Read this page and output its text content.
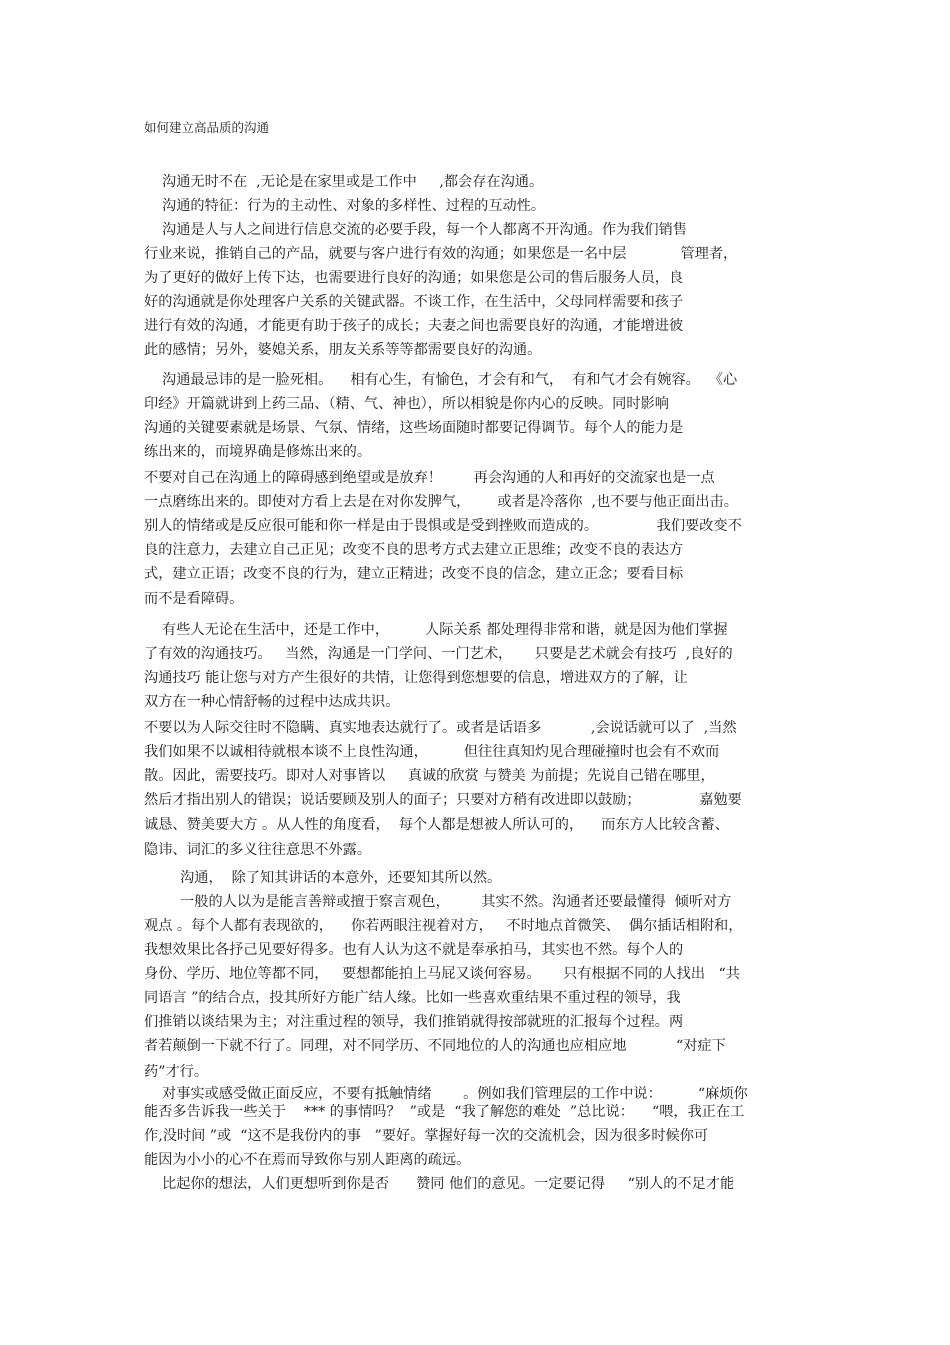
如何建立高品质的沟通
沟通无时不在  ,无论是在家里或是工作中     ,都会存在沟通。
沟通的特征：行为的主动性、对象的多样性、过程的互动性。
沟通是人与人之间进行信息交流的必要手段，每一个人都离不开沟通。作为我们销售
行业来说，推销自己的产品，就要与客户进行有效的沟通；如果您是一名中层            管理者，
为了更好的做好上传下达，也需要进行良好的沟通；如果您是公司的售后服务人员，良
好的沟通就是你处理客户关系的关键武器。不谈工作，在生活中，父母同样需要和孩子
进行有效的沟通，才能更有助于孩子的成长；夫妻之间也需要良好的沟通，才能增进彼
此的感情；另外，婆媳关系，朋友关系等等都需要良好的沟通。
沟通最忌讳的是一脸死相。    相有心生，有愉色，才会有和气，  有和气才会有婉容。  《心
印经》开篇就讲到上药三品、（精、气、神也），所以相貌是你内心的反映。同时影响
沟通的关键要素就是场景、气氛、情绪，这些场面随时都要记得调节。每个人的能力是
练出来的，而境界确是修炼出来的。
不要对自己在沟通上的障碍感到绝望或是放弃！       再会沟通的人和再好的交流家也是一点
一点磨练出来的。即使对方看上去是在对你发脾气，      或者是冷落你  ,也不要与他正面出击。
别人的情绪或是反应很可能和你一样是由于畏惧或是受到挫败而造成的。             我们要改变不
良的注意力，去建立自己正见；改变不良的思考方式去建立正思维；改变不良的表达方
式，建立正语；改变不良的行为，建立正精进；改变不良的信念，建立正念；要看目标
而不是看障碍。
有些人无论在生活中，还是工作中，        人际关系 都处理得非常和谐，就是因为他们掌握
了有效的沟通技巧。   当然，沟通是一门学问、一门艺术，     只要是艺术就会有技巧  ,良好的
沟通技巧 能让您与对方产生很好的共情，让您得到您想要的信息，增进双方的了解，让
双方在一种心情舒畅的过程中达成共识。
不要以为人际交往时不隐瞒、真实地表达就行了。或者是话语多           ,会说话就可以了  ,当然
我们如果不以诚相待就根本谈不上良性沟通，        但往往真知灼见合理碰撞时也会有不欢而
散。因此，需要技巧。即对人对事皆以     真诚的欣赏 与赞美 为前提；先说自己错在哪里，
然后才指出别人的错误；说话要顾及别人的面子；只要对方稍有改进即以鼓励；             嘉勉要
诚恳、赞美要大方 。从人性的角度看，  每个人都是想被人所认可的，    而东方人比较含蓄、
隐讳、词汇的多义往往意思不外露。
沟通，  除了知其讲话的本意外，还要知其所以然。
一般的人以为是能言善辩或擅于察言观色，       其实不然。沟通者还要最懂得  倾听对方
观点 。每个人都有表现欲的，    你若两眼注视着对方，   不时地点首微笑、  偶尔插话相附和，
我想效果比各抒己见要好得多。也有人认为这不就是奉承拍马，其实也不然。每个人的
身份、学历、地位等都不同，   要想都能拍上马屁又谈何容易。     只有根据不同的人找出   “共
同语言 ”的结合点，投其所好方能广结人缘。比如一些喜欢重结果不重过程的领导，我
们推销以谈结果为主；对注重过程的领导，我们推销就得按部就班的汇报每个过程。两
者若颠倒一下就不行了。同理，对不同学历、不同地位的人的沟通也应相应地           “对症下
药”才行。
对事实或感受做正面反应，不要有抵触情绪       。例如我们管理层的工作中说：        “麻烦你
能否多告诉我一些关于    *** 的事情吗？  ”或是  “我了解您的难处  ”总比说：    “喂，我正在工
作,没时间 ”或  “这不是我份内的事   ”要好。掌握好每一次的交流机会，因为很多时候你可
能因为小小的心不在焉而导致你与别人距离的疏远。
比起你的想法，人们更想听到你是否      赞同 他们的意见。一定要记得     “别人的不足才能
